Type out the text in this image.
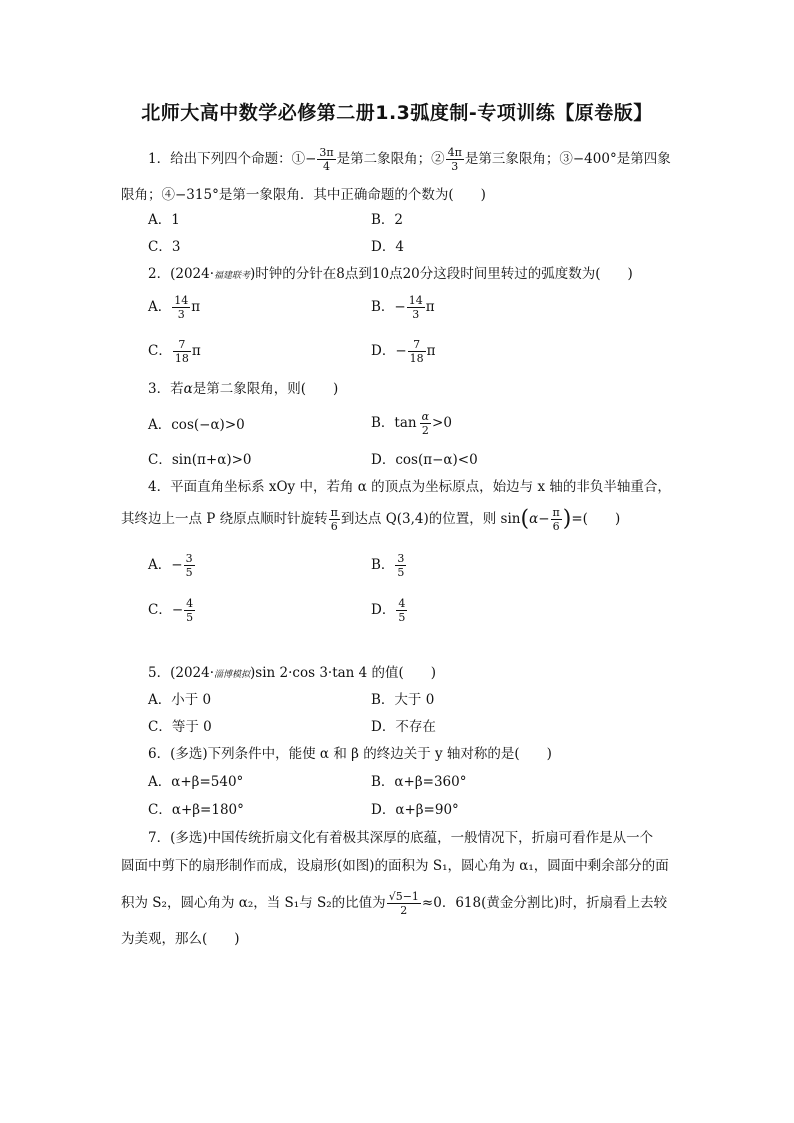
北师大高中数学必修第二册1.3弧度制-专项训练【原卷版】
1．给出下列四个命题：①− $\frac{3\pi}{4}$ 是第二象限角；② $\frac{4\pi}{3}$ 是第三象限角；③−400°是第四象
限角；④−315°是第一象限角．其中正确命题的个数为(　　)
A．1	B．2
C．3	D．4
2．(2024·福建联考)时钟的分针在8点到10点20分这段时间里转过的弧度数为(　　)
A． $\frac{14}{3}$ π	B．− $\frac{14}{3}$ π
C． $\frac{7}{18}$ π	D．− $\frac{7}{18}$ π
3．若α是第二象限角，则(　　)
A．cos(−α)>0	B．$\tan \frac{\alpha}{2} >0$
C．sin(π+α)>0	D．cos(π−α)<0
4．平面直角坐标系 xOy 中，若角 α 的顶点为坐标原点，始边与 x 轴的非负半轴重合，
其终边上一点 P 绕原点顺时针旋转 $\frac{\pi}{6}$ 到达点 Q(3,4)的位置，则 $\sin(\alpha- \frac{\pi}{6}$ )=(　　)
A．− $\frac{3}{5}$	B． $\frac{3}{5}$
C．− $\frac{4}{5}$	D． $\frac{4}{5}$
5．(2024·淄博模拟)sin 2·cos 3·tan 4 的值(　　)
A．小于 0	B．大于 0
C．等于 0	D．不存在
6．(多选)下列条件中，能使 α 和 β 的终边关于 y 轴对称的是(　　)
A．α+β=540°	B．α+β=360°
C．α+β=180°	D．α+β=90°
7．(多选)中国传统折扇文化有着极其深厚的底蕴，一般情况下，折扇可看作是从一个
圆面中剪下的扇形制作而成，设扇形(如图)的面积为 S₁，圆心角为 α₁，圆面中剩余部分的面
积为 S₂，圆心角为 α₂，当 S₁与 S₂的比值为 $\frac{√5-1}{2} \approx 0$．618(黄金分割比)时，折扇看上去较
为美观，那么(　　)
